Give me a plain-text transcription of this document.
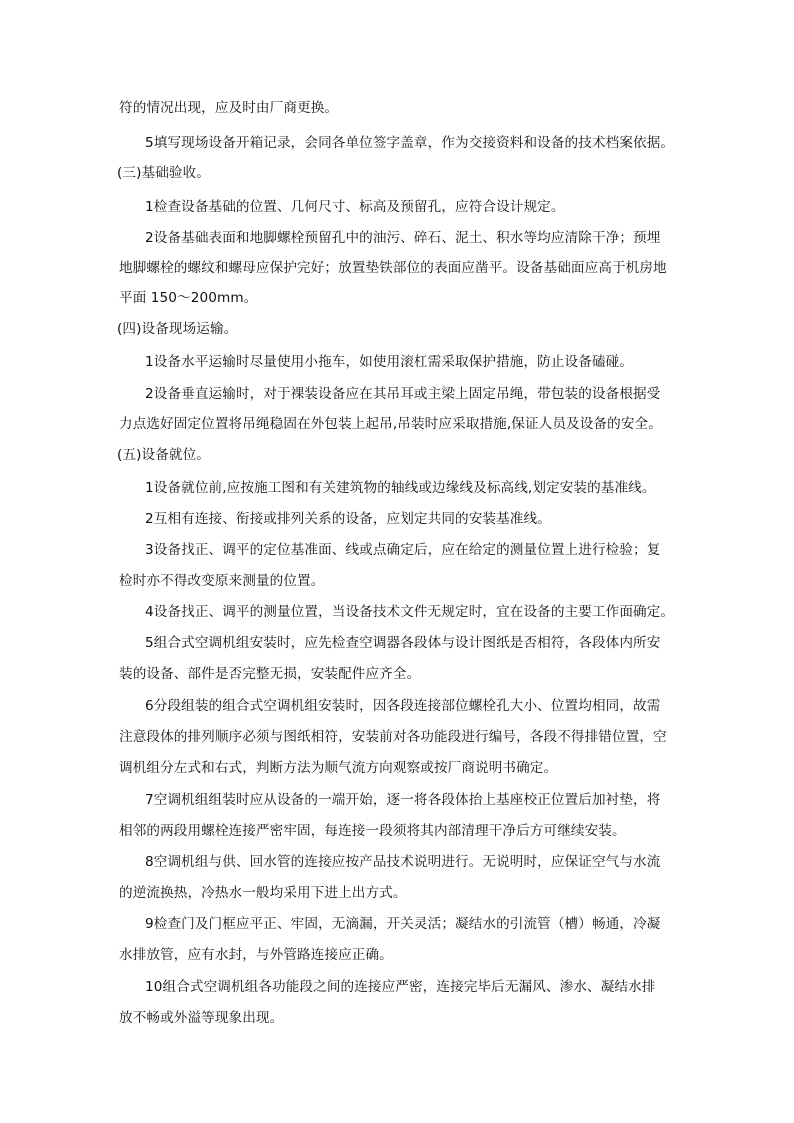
符的情况出现，应及时由厂商更换。
5填写现场设备开箱记录，会同各单位签字盖章，作为交接资料和设备的技术档案依据。
(三)基础验收。
1检查设备基础的位置、几何尺寸、标高及预留孔，应符合设计规定。
2设备基础表面和地脚螺栓预留孔中的油污、碎石、泥土、积水等均应清除干净；预埋
地脚螺栓的螺纹和螺母应保护完好；放置垫铁部位的表面应凿平。设备基础面应高于机房地
平面 150～200mm。
(四)设备现场运输。
1设备水平运输时尽量使用小拖车，如使用滚杠需采取保护措施，防止设备磕碰。
2设备垂直运输时，对于裸装设备应在其吊耳或主梁上固定吊绳，带包装的设备根据受
力点选好固定位置将吊绳稳固在外包装上起吊,吊装时应采取措施,保证人员及设备的安全。
(五)设备就位。
1设备就位前,应按施工图和有关建筑物的轴线或边缘线及标高线,划定安装的基准线。
2互相有连接、衔接或排列关系的设备，应划定共同的安装基准线。
3设备找正、调平的定位基准面、线或点确定后，应在给定的测量位置上进行检验；复
检时亦不得改变原来测量的位置。
4设备找正、调平的测量位置，当设备技术文件无规定时，宜在设备的主要工作面确定。
5组合式空调机组安装时，应先检查空调器各段体与设计图纸是否相符，各段体内所安
装的设备、部件是否完整无损，安装配件应齐全。
6分段组装的组合式空调机组安装时，因各段连接部位螺栓孔大小、位置均相同，故需
注意段体的排列顺序必须与图纸相符，安装前对各功能段进行编号，各段不得排错位置，空
调机组分左式和右式，判断方法为顺气流方向观察或按厂商说明书确定。
7空调机组组装时应从设备的一端开始，逐一将各段体抬上基座校正位置后加衬垫，将
相邻的两段用螺栓连接严密牢固，每连接一段须将其内部清理干净后方可继续安装。
8空调机组与供、回水管的连接应按产品技术说明进行。无说明时，应保证空气与水流
的逆流换热，冷热水一般均采用下进上出方式。
9检查门及门框应平正、牢固，无滴漏，开关灵活；凝结水的引流管（槽）畅通，冷凝
水排放管，应有水封，与外管路连接应正确。
10组合式空调机组各功能段之间的连接应严密，连接完毕后无漏风、渗水、凝结水排
放不畅或外溢等现象出现。
